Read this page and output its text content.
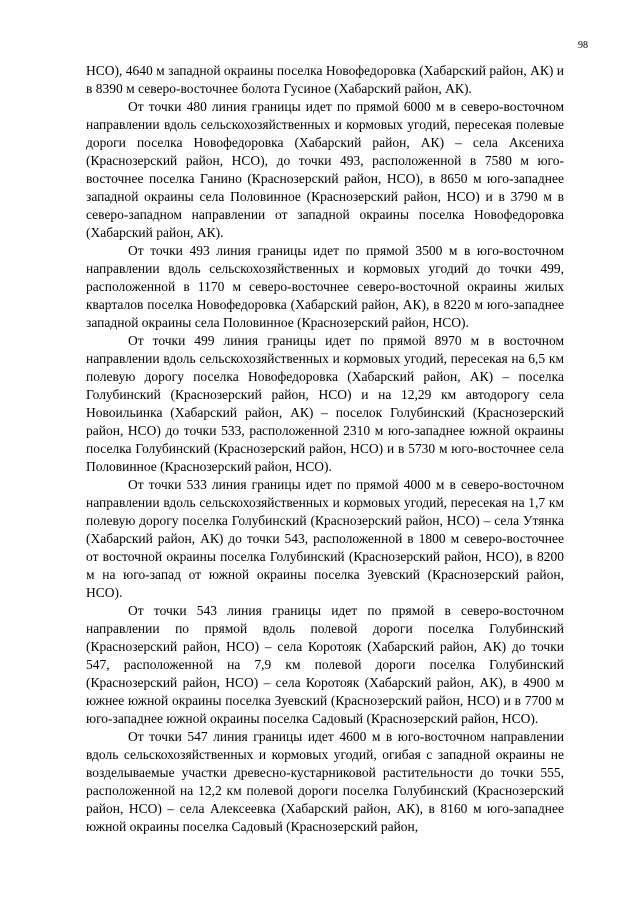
98

НСО), 4640 м западной окраины поселка Новофедоровка (Хабарский район, АК) и в 8390 м северо-восточнее болота Гусиное (Хабарский район, АК).

От точки 480 линия границы идет по прямой 6000 м в северо-восточном направлении вдоль сельскохозяйственных и кормовых угодий, пересекая полевые дороги поселка Новофедоровка (Хабарский район, АК) – села Аксениха (Краснозерский район, НСО), до точки 493, расположенной в 7580 м юго-восточнее поселка Ганино (Краснозерский район, НСО), в 8650 м юго-западнее западной окраины села Половинное (Краснозерский район, НСО) и в 3790 м в северо-западном направлении от западной окраины поселка Новофедоровка (Хабарский район, АК).

От точки 493 линия границы идет по прямой 3500 м в юго-восточном направлении вдоль сельскохозяйственных и кормовых угодий до точки 499, расположенной в 1170 м северо-восточнее северо-восточной окраины жилых кварталов поселка Новофедоровка (Хабарский район, АК), в 8220 м юго-западнее западной окраины села Половинное (Краснозерский район, НСО).

От точки 499 линия границы идет по прямой 8970 м в восточном направлении вдоль сельскохозяйственных и кормовых угодий, пересекая на 6,5 км полевую дорогу поселка Новофедоровка (Хабарский район, АК) – поселка Голубинский (Краснозерский район, НСО) и на 12,29 км автодорогу села Новоильинка (Хабарский район, АК) – поселок Голубинский (Краснозерский район, НСО) до точки 533, расположенной 2310 м юго-западнее южной окраины поселка Голубинский (Краснозерский район, НСО) и в 5730 м юго-восточнее села Половинное (Краснозерский район, НСО).

От точки 533 линия границы идет по прямой 4000 м в северо-восточном направлении вдоль сельскохозяйственных и кормовых угодий, пересекая на 1,7 км полевую дорогу поселка Голубинский (Краснозерский район, НСО) – села Утянка (Хабарский район, АК) до точки 543, расположенной в 1800 м северо-восточнее от восточной окраины поселка Голубинский (Краснозерский район, НСО), в 8200 м на юго-запад от южной окраины поселка Зуевский (Краснозерский район, НСО).

От точки 543 линия границы идет по прямой в северо-восточном направлении по прямой вдоль полевой дороги поселка Голубинский (Краснозерский район, НСО) – села Коротояк (Хабарский район, АК) до точки 547, расположенной на 7,9 км полевой дороги поселка Голубинский (Краснозерский район, НСО) – села Коротояк (Хабарский район, АК), в 4900 м южнее южной окраины поселка Зуевский (Краснозерский район, НСО) и в 7700 м юго-западнее южной окраины поселка Садовый (Краснозерский район, НСО).

От точки 547 линия границы идет 4600 м в юго-восточном направлении вдоль сельскохозяйственных и кормовых угодий, огибая с западной окраины не возделываемые участки древесно-кустарниковой растительности до точки 555, расположенной на 12,2 км полевой дороги поселка Голубинский (Краснозерский район, НСО) – села Алексеевка (Хабарский район, АК), в 8160 м юго-западнее южной окраины поселка Садовый (Краснозерский район,
